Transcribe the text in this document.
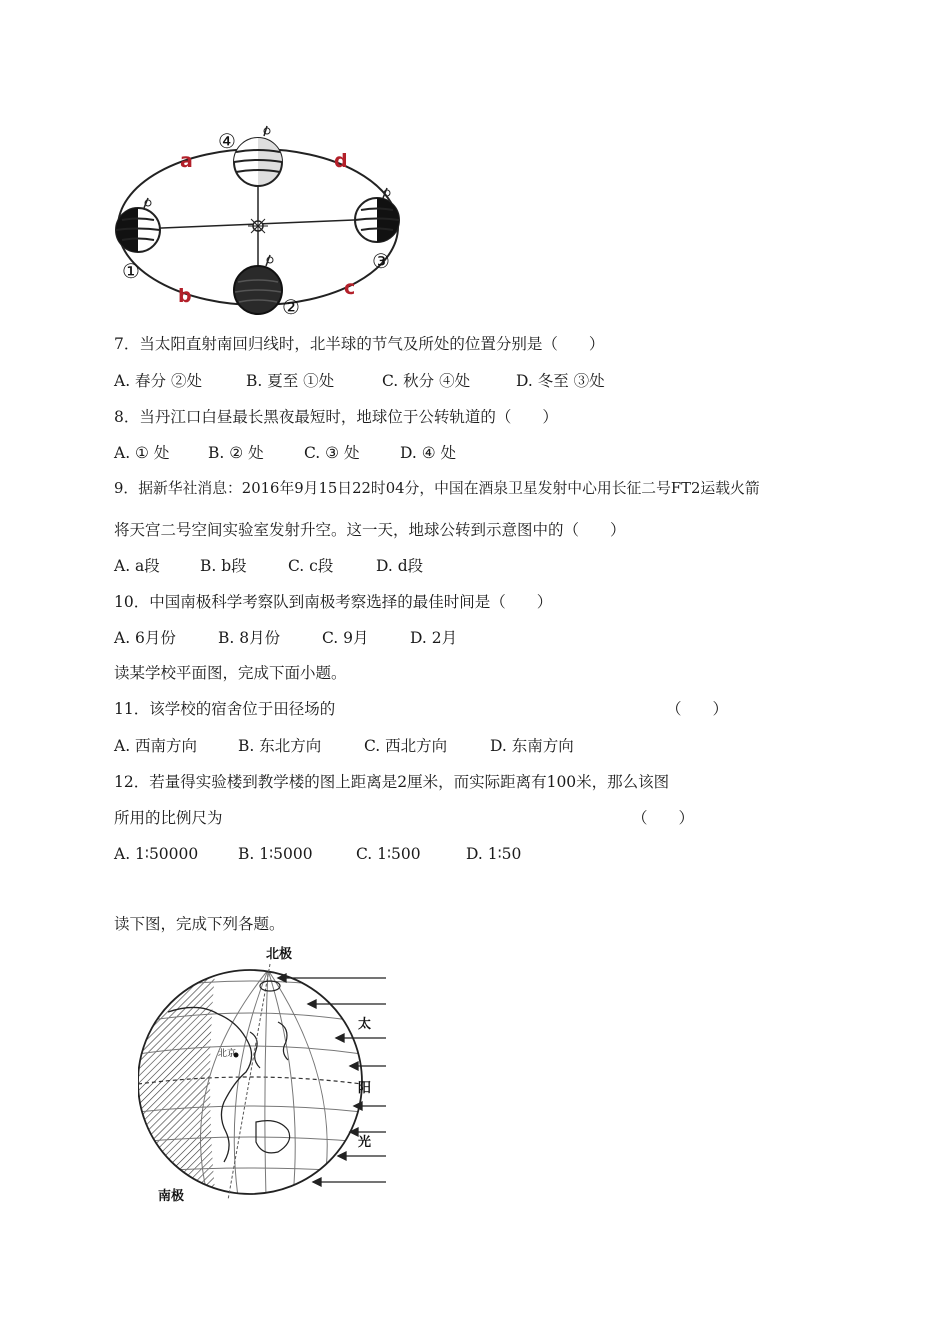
a
b	c
d
①
②
③
④
7．当太阳直射南回归线时，北半球的节气及所处的位置分别是（　　）
A. 春分 ②处	B. 夏至 ①处	C. 秋分 ④处	D. 冬至 ③处
8．当丹江口白昼最长黑夜最短时，地球位于公转轨道的（　　）
A. ① 处 B. ② 处	C. ③ 处	D. ④ 处
9．据新华社消息：2016年9月15日22时04分，中国在酒泉卫星发射中心用长征二号FT2运载火箭
将天宫二号空间实验室发射升空。这一天，地球公转到示意图中的（　　）
A. a段	B. b段	C. c段	D. d段
10．中国南极科学考察队到南极考察选择的最佳时间是（　　）
A. 6月份	B. 8月份	C. 9月	D. 2月
读某学校平面图，完成下面小题。
11．该学校的宿舍位于田径场的	（　　）
A. 西南方向	B. 东北方向	C. 西北方向	D. 东南方向
12．若量得实验楼到教学楼的图上距离是2厘米，而实际距离有100米，那么该图
所用的比例尺为	（　　）
A. 1∶50000	B. 1∶5000	C. 1∶500	D. 1∶50
读下图，完成下列各题。
北极
南极
北京
太
阳
光
